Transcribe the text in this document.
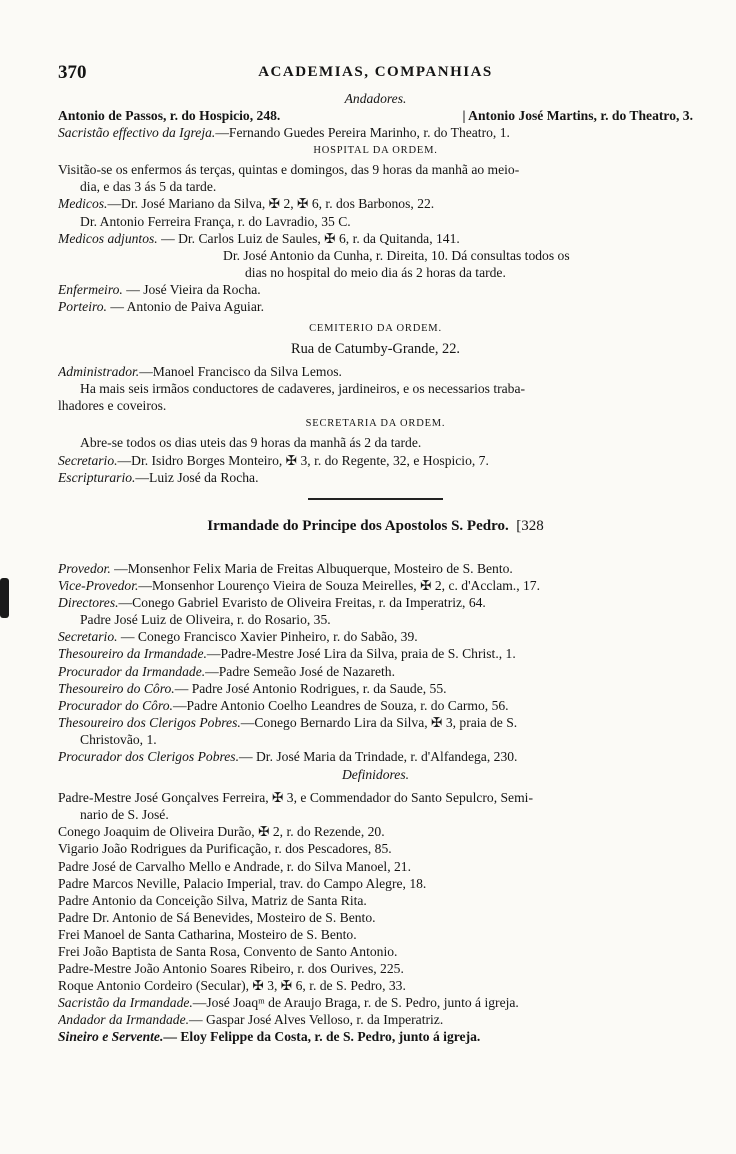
370	ACADEMIAS, COMPANHIAS
Andadores.
Antonio de Passos, r. do Hospicio, 248.	| Antonio José Martins, r. do Theatro, 3.
Sacristão effectivo da Igreja.—Fernando Guedes Pereira Marinho, r. do Theatro, 1.
HOSPITAL DA ORDEM.
Visitão-se os enfermos ás terças, quintas e domingos, das 9 horas da manhã ao meio-
dia, e das 3 ás 5 da tarde.
Medicos.—Dr. José Mariano da Silva, ✠ 2, ✠ 6, r. dos Barbonos, 22.
Dr. Antonio Ferreira França, r. do Lavradio, 35 C.
Medicos adjuntos. — Dr. Carlos Luiz de Saules, ✠ 6, r. da Quitanda, 141.
Dr. José Antonio da Cunha, r. Direita, 10. Dá consultas todos os
dias no hospital do meio dia ás 2 horas da tarde.
Enfermeiro. — José Vieira da Rocha.
Porteiro. — Antonio de Paiva Aguiar.
CEMITERIO DA ORDEM.
Rua de Catumby-Grande, 22.
Administrador.—Manoel Francisco da Silva Lemos.
Ha mais seis irmãos conductores de cadaveres, jardineiros, e os necessarios traba-
lhadores e coveiros.
SECRETARIA DA ORDEM.
Abre-se todos os dias uteis das 9 horas da manhã ás 2 da tarde.
Secretario.—Dr. Isidro Borges Monteiro, ✠ 3, r. do Regente, 32, e Hospicio, 7.
Escripturario.—Luiz José da Rocha.
Irmandade do Principe dos Apostolos S. Pedro. [328
Provedor. —Monsenhor Felix Maria de Freitas Albuquerque, Mosteiro de S. Bento.
Vice-Provedor.—Monsenhor Lourenço Vieira de Souza Meirelles, ✠ 2, c. d'Acclam., 17.
Directores.—Conego Gabriel Evaristo de Oliveira Freitas, r. da Imperatriz, 64.
Padre José Luiz de Oliveira, r. do Rosario, 35.
Secretario. — Conego Francisco Xavier Pinheiro, r. do Sabão, 39.
Thesoureiro da Irmandade.—Padre-Mestre José Lira da Silva, praia de S. Christ., 1.
Procurador da Irmandade.—Padre Semeão José de Nazareth.
Thesoureiro do Côro.— Padre José Antonio Rodrigues, r. da Saude, 55.
Procurador do Côro.—Padre Antonio Coelho Leandres de Souza, r. do Carmo, 56.
Thesoureiro dos Clerigos Pobres.—Conego Bernardo Lira da Silva, ✠ 3, praia de S.
Christovão, 1.
Procurador dos Clerigos Pobres.— Dr. José Maria da Trindade, r. d'Alfandega, 230.
Definidores.
Padre-Mestre José Gonçalves Ferreira, ✠ 3, e Commendador do Santo Sepulcro, Semi-
nario de S. José.
Conego Joaquim de Oliveira Durão, ✠ 2, r. do Rezende, 20.
Vigario João Rodrigues da Purificação, r. dos Pescadores, 85.
Padre José de Carvalho Mello e Andrade, r. do Silva Manoel, 21.
Padre Marcos Neville, Palacio Imperial, trav. do Campo Alegre, 18.
Padre Antonio da Conceição Silva, Matriz de Santa Rita.
Padre Dr. Antonio de Sá Benevides, Mosteiro de S. Bento.
Frei Manoel de Santa Catharina, Mosteiro de S. Bento.
Frei João Baptista de Santa Rosa, Convento de Santo Antonio.
Padre-Mestre João Antonio Soares Ribeiro, r. dos Ourives, 225.
Roque Antonio Cordeiro (Secular), ✠ 3, ✠ 6, r. de S. Pedro, 33.
Sacristão da Irmandade.—José Joaqᵐ de Araujo Braga, r. de S. Pedro, junto á igreja.
Andador da Irmandade.— Gaspar José Alves Velloso, r. da Imperatriz.
Sineiro e Servente.— Eloy Felippe da Costa, r. de S. Pedro, junto á igreja.
